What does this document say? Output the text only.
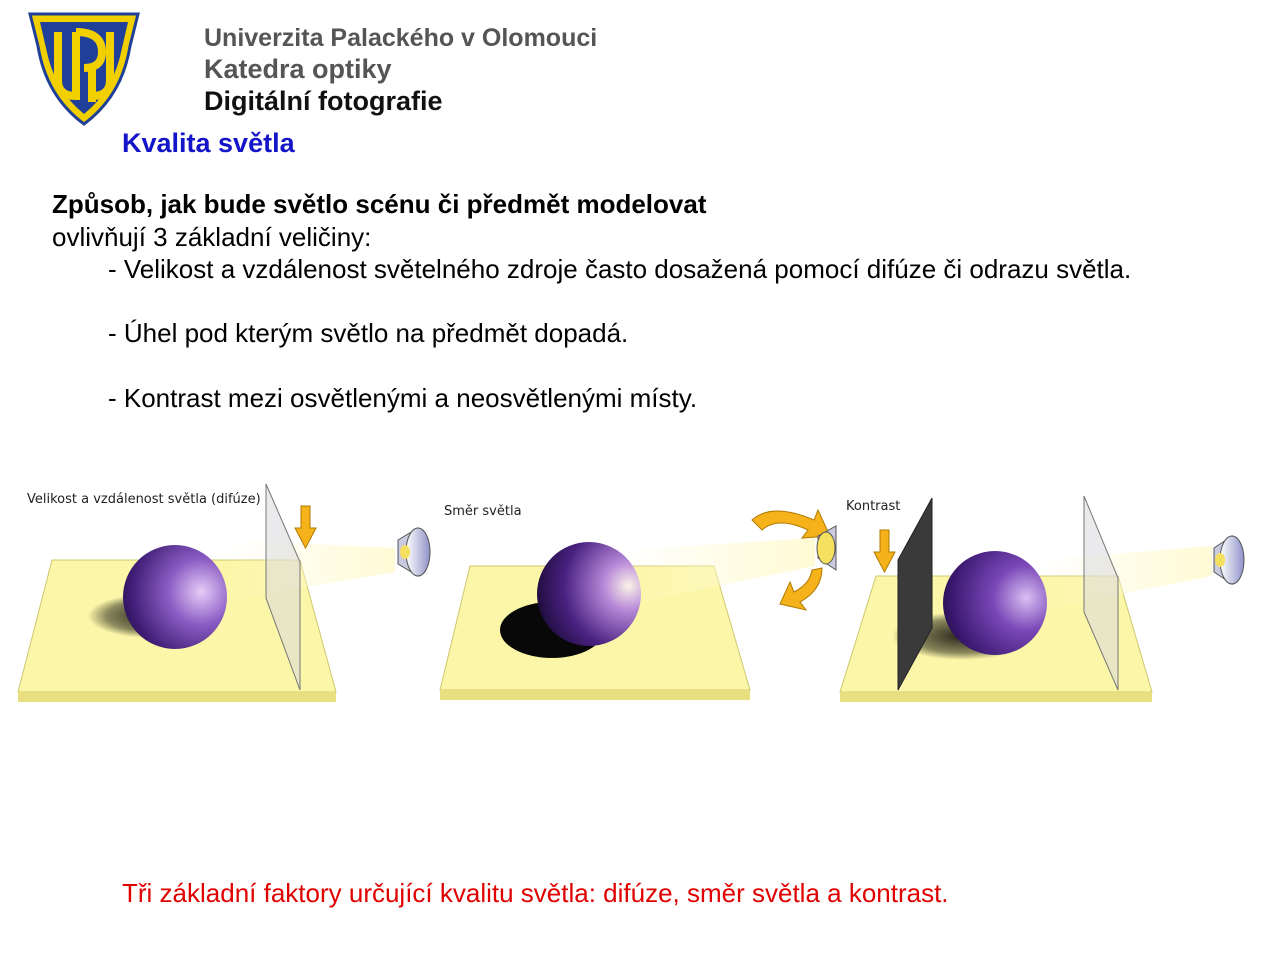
Univerzita Palackého v Olomouci
Katedra optiky
Digitální fotografie
Kvalita světla
Způsob, jak bude světlo scénu či předmět modelovat
ovlivňují 3 základní veličiny:
- Velikost a vzdálenost světelného zdroje často dosažená pomocí difúze či odrazu světla.
- Úhel pod kterým světlo na předmět dopadá.
- Kontrast mezi osvětlenými a neosvětlenými místy.
Velikost a vzdálenost světla (difúze)
Směr světla	Kontrast
Tři základní faktory určující kvalitu světla: difúze, směr světla a kontrast.
